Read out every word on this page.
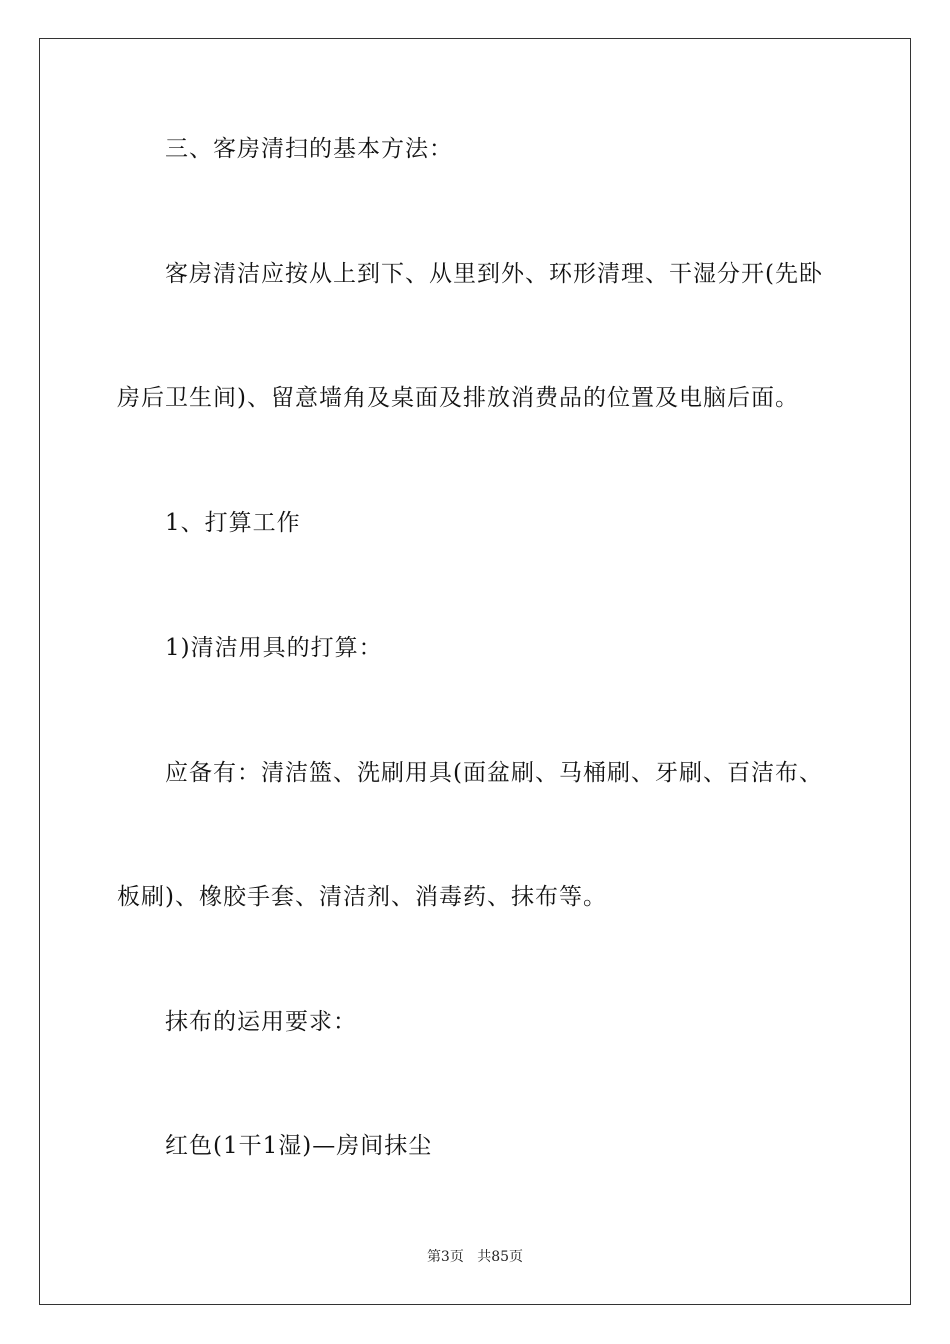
三、客房清扫的基本方法：
客房清洁应按从上到下、从里到外、环形清理、干湿分开(先卧
房后卫生间)、留意墙角及桌面及排放消费品的位置及电脑后面。
1、打算工作
1)清洁用具的打算：
应备有：清洁篮、洗刷用具(面盆刷、马桶刷、牙刷、百洁布、
板刷)、橡胶手套、清洁剂、消毒药、抹布等。
抹布的运用要求：
红色(1干1湿)—房间抹尘
第3页 共85页
